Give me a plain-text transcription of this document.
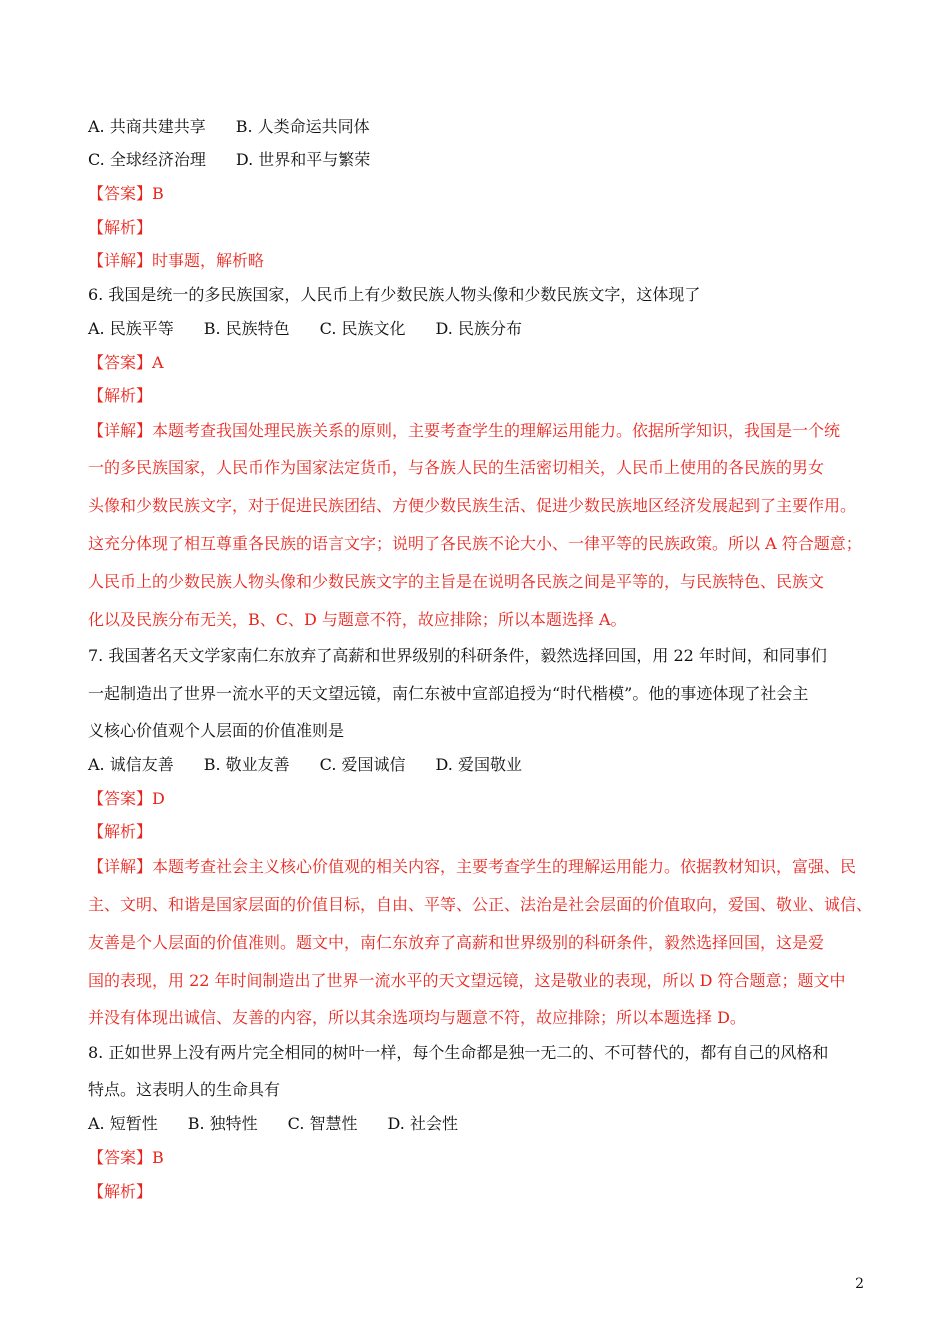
A. 共商共建共享 B. 人类命运共同体
C. 全球经济治理 D. 世界和平与繁荣
【答案】B
【解析】
【详解】时事题，解析略
6. 我国是统一的多民族国家，人民币上有少数民族人物头像和少数民族文字，这体现了
A. 民族平等 B. 民族特色 C. 民族文化 D. 民族分布
【答案】A
【解析】
【详解】本题考查我国处理民族关系的原则，主要考查学生的理解运用能力。依据所学知识，我国是一个统
一的多民族国家，人民币作为国家法定货币，与各族人民的生活密切相关，人民币上使用的各民族的男女
头像和少数民族文字，对于促进民族团结、方便少数民族生活、促进少数民族地区经济发展起到了主要作用。
这充分体现了相互尊重各民族的语言文字；说明了各民族不论大小、一律平等的民族政策。所以 A 符合题意；
人民币上的少数民族人物头像和少数民族文字的主旨是在说明各民族之间是平等的，与民族特色、民族文
化以及民族分布无关，B、C、D 与题意不符，故应排除；所以本题选择 A。
7. 我国著名天文学家南仁东放弃了高薪和世界级别的科研条件，毅然选择回国，用 22 年时间，和同事们
一起制造出了世界一流水平的天文望远镜，南仁东被中宣部追授为“时代楷模”。他的事迹体现了社会主
义核心价值观个人层面的价值准则是
A. 诚信友善 B. 敬业友善 C. 爱国诚信 D. 爱国敬业
【答案】D
【解析】
【详解】本题考查社会主义核心价值观的相关内容，主要考查学生的理解运用能力。依据教材知识，富强、民
主、文明、和谐是国家层面的价值目标，自由、平等、公正、法治是社会层面的价值取向，爱国、敬业、诚信、
友善是个人层面的价值准则。题文中，南仁东放弃了高薪和世界级别的科研条件，毅然选择回国，这是爱
国的表现，用 22 年时间制造出了世界一流水平的天文望远镜，这是敬业的表现，所以 D 符合题意；题文中
并没有体现出诚信、友善的内容，所以其余选项均与题意不符，故应排除；所以本题选择 D。
8. 正如世界上没有两片完全相同的树叶一样，每个生命都是独一无二的、不可替代的，都有自己的风格和
特点。这表明人的生命具有
A. 短暂性 B. 独特性 C. 智慧性 D. 社会性
【答案】B
【解析】
2
